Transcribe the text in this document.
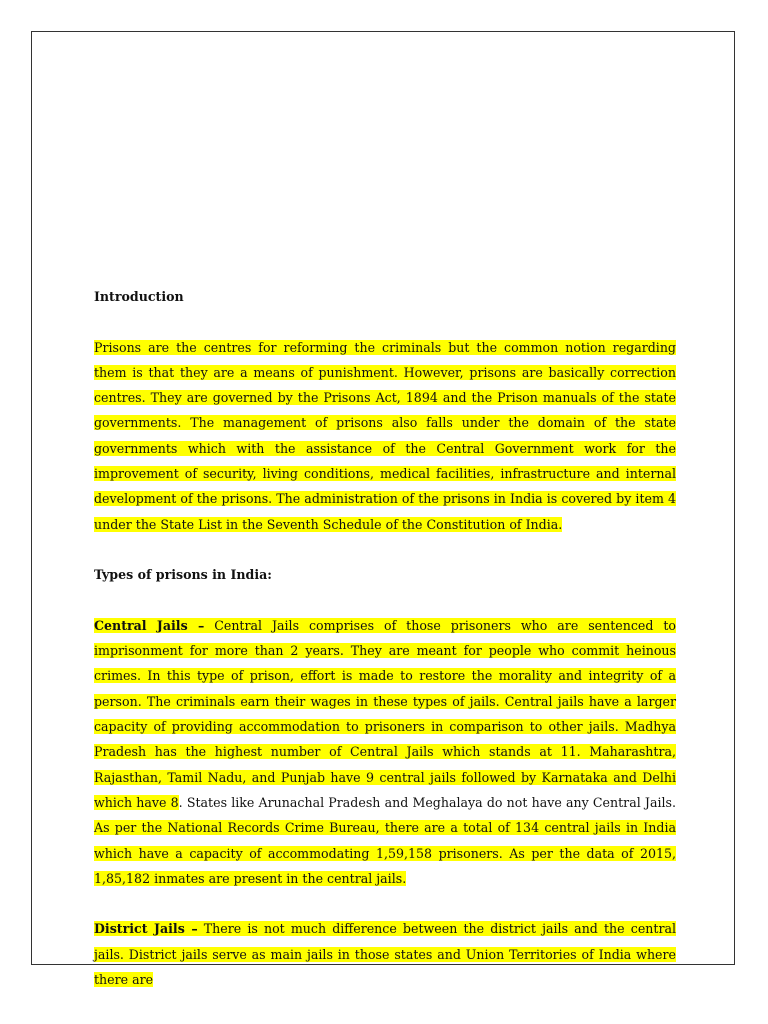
Introduction

Prisons are the centres for reforming the criminals but the common notion regarding them is that they are a means of punishment. However, prisons are basically correction centres. They are governed by the Prisons Act, 1894 and the Prison manuals of the state governments. The management of prisons also falls under the domain of the state governments which with the assistance of the Central Government work for the improvement of security, living conditions, medical facilities, infrastructure and internal development of the prisons. The administration of the prisons in India is covered by item 4 under the State List in the Seventh Schedule of the Constitution of India.

Types of prisons in India:

Central Jails – Central Jails comprises of those prisoners who are sentenced to imprisonment for more than 2 years. They are meant for people who commit heinous crimes. In this type of prison, effort is made to restore the morality and integrity of a person. The criminals earn their wages in these types of jails. Central jails have a larger capacity of providing accommodation to prisoners in comparison to other jails. Madhya Pradesh has the highest number of Central Jails which stands at 11. Maharashtra, Rajasthan, Tamil Nadu, and Punjab have 9 central jails followed by Karnataka and Delhi which have 8. States like Arunachal Pradesh and Meghalaya do not have any Central Jails. As per the National Records Crime Bureau, there are a total of 134 central jails in India which have a capacity of accommodating 1,59,158 prisoners. As per the data of 2015, 1,85,182 inmates are present in the central jails.

District Jails – There is not much difference between the district jails and the central jails. District jails serve as main jails in those states and Union Territories of India where there are
